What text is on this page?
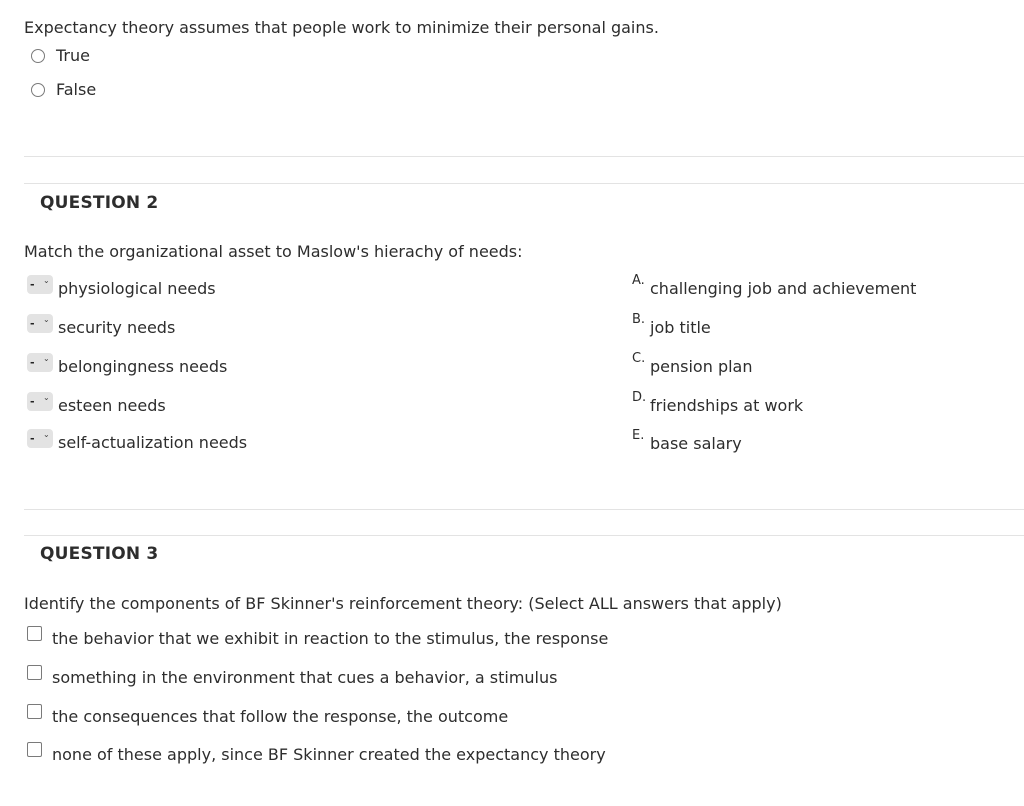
Expectancy theory assumes that people work to minimize their personal gains.
True
False
QUESTION 2
Match the organizational asset to Maslow's hierachy of needs:
- ⌄ physiological needs
- ⌄ security needs
- ⌄ belongingness needs
- ⌄ esteen needs
- ⌄ self-actualization needs
A. challenging job and achievement
B. job title
C. pension plan
D. friendships at work
E. base salary
QUESTION 3
Identify the components of BF Skinner's reinforcement theory: (Select ALL answers that apply)
the behavior that we exhibit in reaction to the stimulus, the response
something in the environment that cues a behavior, a stimulus
the consequences that follow the response, the outcome
none of these apply, since BF Skinner created the expectancy theory
